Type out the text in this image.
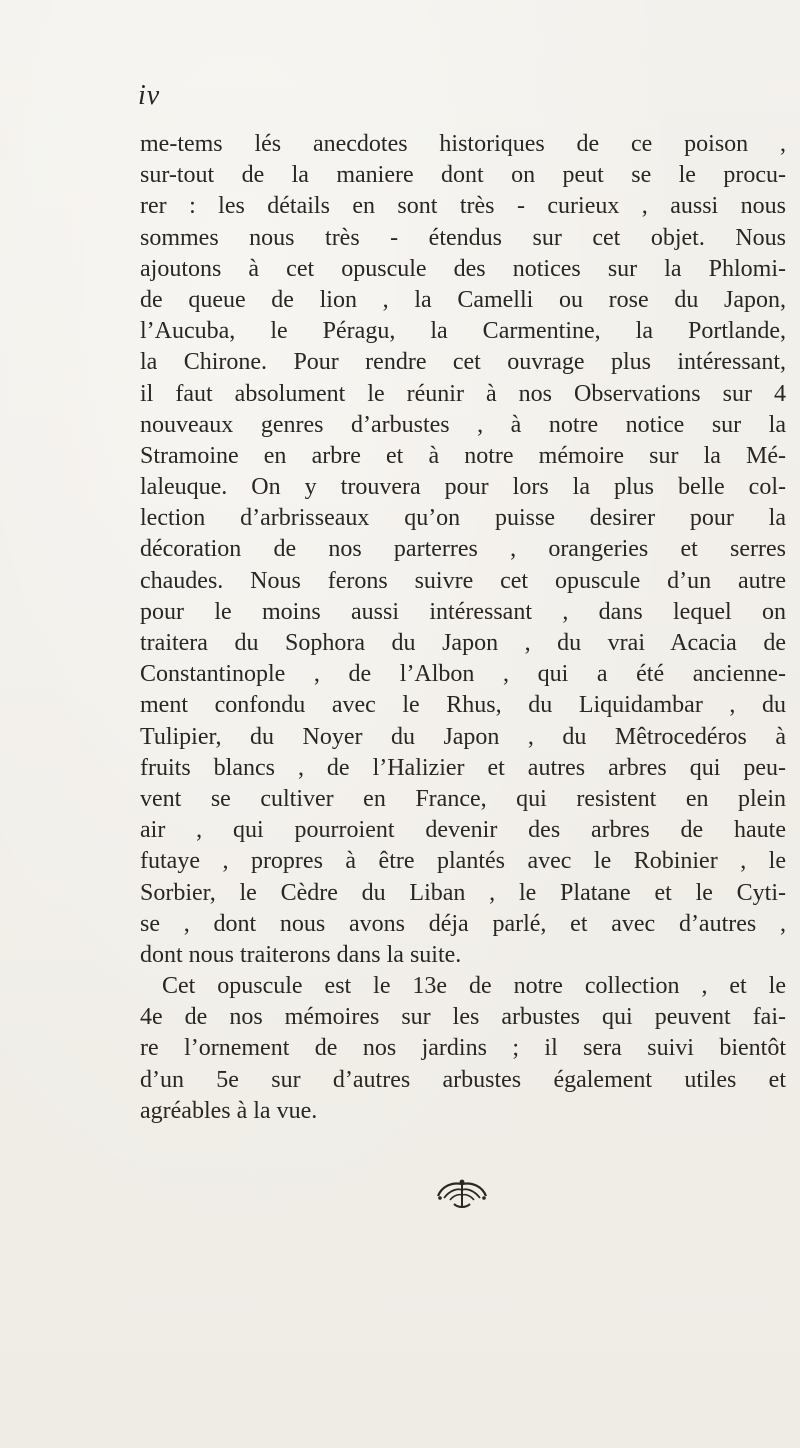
iv
me-tems lés anecdotes historiques de ce poison ,
sur-tout de la maniere dont on peut se le procu-
rer : les détails en sont très - curieux , aussi nous
sommes nous très - étendus sur cet objet. Nous
ajoutons à cet opuscule des notices sur la Phlomi-
de queue de lion , la Camelli ou rose du Japon,
l’Aucuba, le Péragu, la Carmentine, la Portlande,
la Chirone. Pour rendre cet ouvrage plus intéressant,
il faut absolument le réunir à nos Observations sur 4
nouveaux genres d’arbustes , à notre notice sur la
Stramoine en arbre et à notre mémoire sur la Mé-
laleuque. On y trouvera pour lors la plus belle col-
lection d’arbrisseaux qu’on puisse desirer pour la
décoration de nos parterres , orangeries et serres
chaudes. Nous ferons suivre cet opuscule d’un autre
pour le moins aussi intéressant , dans lequel on
traitera du Sophora du Japon , du vrai Acacia de
Constantinople , de l’Albon , qui a été ancienne-
ment confondu avec le Rhus, du Liquidambar , du
Tulipier, du Noyer du Japon , du Mêtrocedéros à
fruits blancs , de l’Halizier et autres arbres qui peu-
vent se cultiver en France, qui resistent en plein
air , qui pourroient devenir des arbres de haute
futaye , propres à être plantés avec le Robinier , le
Sorbier, le Cèdre du Liban , le Platane et le Cyti-
se , dont nous avons déja parlé, et avec d’autres ,
dont nous traiterons dans la suite.
Cet opuscule est le 13e de notre collection , et le
4e de nos mémoires sur les arbustes qui peuvent fai-
re l’ornement de nos jardins ; il sera suivi bientôt
d’un 5e sur d’autres arbustes également utiles et
agréables à la vue.
